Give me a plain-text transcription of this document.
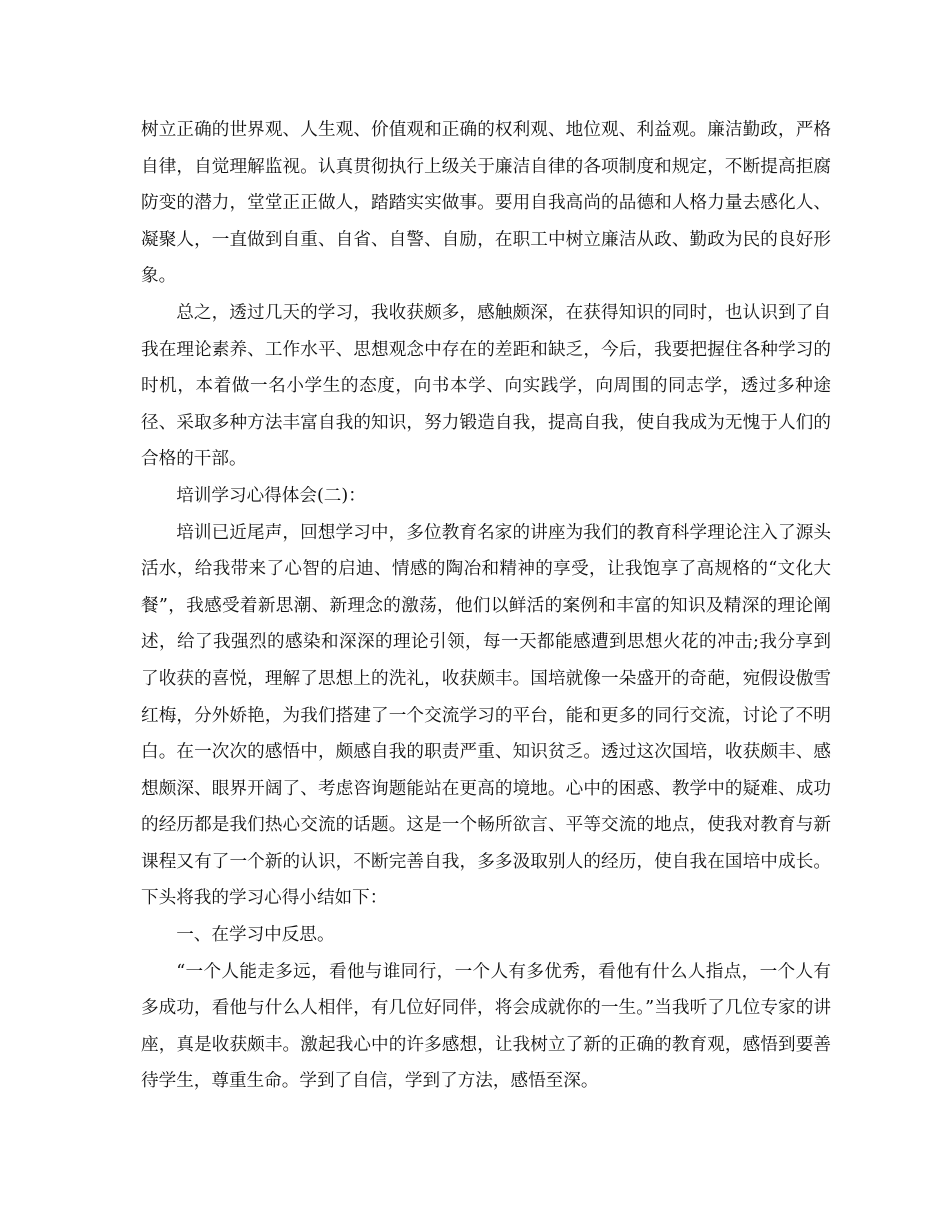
树立正确的世界观、人生观、价值观和正确的权利观、地位观、利益观。廉洁勤政，严格自律，自觉理解监视。认真贯彻执行上级关于廉洁自律的各项制度和规定，不断提高拒腐防变的潜力，堂堂正正做人，踏踏实实做事。要用自我高尚的品德和人格力量去感化人、凝聚人，一直做到自重、自省、自警、自励，在职工中树立廉洁从政、勤政为民的良好形象。

总之，透过几天的学习，我收获颇多，感触颇深，在获得知识的同时，也认识到了自我在理论素养、工作水平、思想观念中存在的差距和缺乏，今后，我要把握住各种学习的时机，本着做一名小学生的态度，向书本学、向实践学，向周围的同志学，透过多种途径、采取多种方法丰富自我的知识，努力锻造自我，提高自我，使自我成为无愧于人们的合格的干部。

培训学习心得体会(二)：

培训已近尾声，回想学习中，多位教育名家的讲座为我们的教育科学理论注入了源头活水，给我带来了心智的启迪、情感的陶冶和精神的享受，让我饱享了高规格的“文化大餐”，我感受着新思潮、新理念的激荡，他们以鲜活的案例和丰富的知识及精深的理论阐述，给了我强烈的感染和深深的理论引领，每一天都能感遭到思想火花的冲击;我分享到了收获的喜悦，理解了思想上的洗礼，收获颇丰。国培就像一朵盛开的奇葩，宛假设傲雪红梅，分外娇艳，为我们搭建了一个交流学习的平台，能和更多的同行交流，讨论了不明白。在一次次的感悟中，颇感自我的职责严重、知识贫乏。透过这次国培，收获颇丰、感想颇深、眼界开阔了、考虑咨询题能站在更高的境地。心中的困惑、教学中的疑难、成功的经历都是我们热心交流的话题。这是一个畅所欲言、平等交流的地点，使我对教育与新课程又有了一个新的认识，不断完善自我，多多汲取别人的经历，使自我在国培中成长。下头将我的学习心得小结如下：

一、在学习中反思。

“一个人能走多远，看他与谁同行，一个人有多优秀，看他有什么人指点，一个人有多成功，看他与什么人相伴，有几位好同伴，将会成就你的一生。”当我听了几位专家的讲座，真是收获颇丰。激起我心中的许多感想，让我树立了新的正确的教育观，感悟到要善待学生，尊重生命。学到了自信，学到了方法，感悟至深。
